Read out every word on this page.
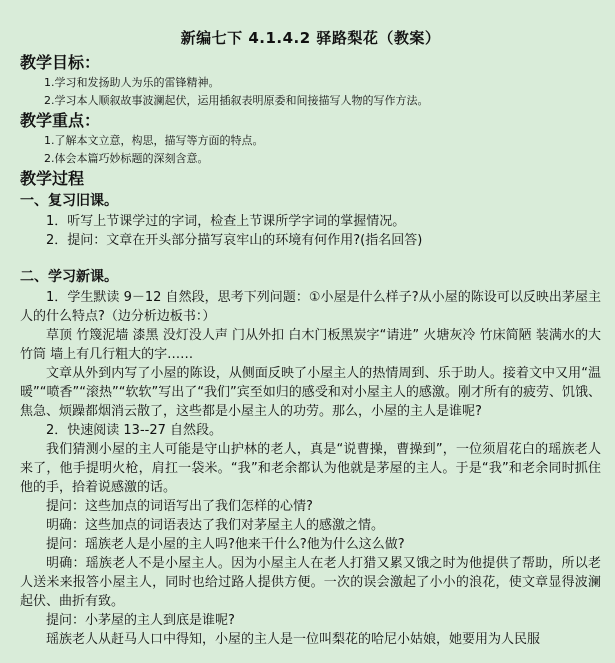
新编七下 4.1.4.2 驿路梨花（教案）
教学目标：
1.学习和发扬助人为乐的雷锋精神。
2.学习本人顺叙故事波澜起伏，运用插叙表明原委和间接描写人物的写作方法。
教学重点：
1.了解本文立意，构思，描写等方面的特点。
2.体会本篇巧妙标题的深刻含意。
教学过程
一、复习旧课。
1．听写上节课学过的字词，检查上节课所学字词的掌握情况。
2．提问：文章在开头部分描写哀牢山的环境有何作用?(指名回答)
二、学习新课。
1．学生默读 9－12 自然段，思考下列问题：①小屋是什么样子?从小屋的陈设可以反映出茅屋主人的什么特点?（边分析边板书：）
草顶 竹篾泥墙 漆黑 没灯没人声 门从外扣 白木门板黑炭字“请进” 火塘灰冷 竹床简陋 装满水的大竹筒 墙上有几行粗大的字……
文章从外到内写了小屋的陈设，从侧面反映了小屋主人的热情周到、乐于助人。接着文中又用“温暖”“喷香”“滚热”“软软”写出了“我们”宾至如归的感受和对小屋主人的感激。刚才所有的疲劳、饥饿、焦急、烦躁都烟消云散了，这些都是小屋主人的功劳。那么，小屋的主人是谁呢?
2．快速阅读 13--27 自然段。
我们猜测小屋的主人可能是守山护林的老人，真是“说曹操，曹操到”，一位须眉花白的瑶族老人来了，他手提明火枪，肩扛一袋米。“我”和老余都认为他就是茅屋的主人。于是“我”和老余同时抓住他的手，拾着说感激的话。
提问：这些加点的词语写出了我们怎样的心情?
明确：这些加点的词语表达了我们对茅屋主人的感激之情。
提问：瑶族老人是小屋的主人吗?他来干什么?他为什么这么做?
明确：瑶族老人不是小屋主人。因为小屋主人在老人打猎又累又饿之时为他提供了帮助，所以老人送米来报答小屋主人，同时也给过路人提供方便。一次的误会激起了小小的浪花，使文章显得波澜起伏、曲折有致。
提问：小茅屋的主人到底是谁呢?
瑶族老人从赶马人口中得知，小屋的主人是一位叫梨花的哈尼小姑娘，她要用为人民服
